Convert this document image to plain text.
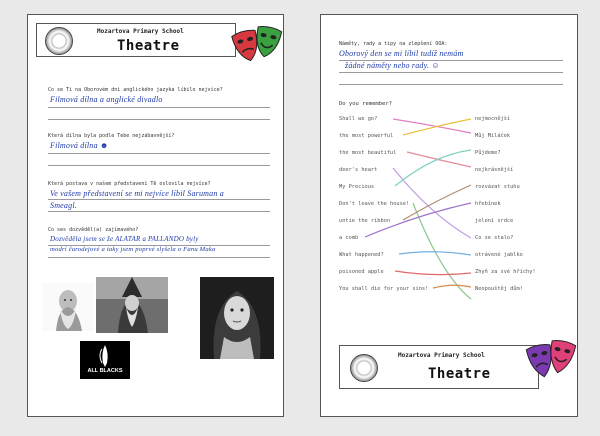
Mozartova Primary School
Theatre
Co se Ti na Oborovém dni anglického jazyka líbilo nejvíce?
Filmová dílna a anglické divadlo
Která dílna byla podle Tebe nejzábavnější?
Filmová dílna ☻
Která postava v našem představení Tě oslovila nejvíce?
Ve vašem představení se mi nejvíce líbil Saruman a
Smeagl.
Co ses dozvěděl(a) zajímavého?
Dozvěděla jsem se že ALATAR a PALLANDO byly
modrí čarodejové a taky jsem poprvé slyšela o Fanu Maka
ALL BLACKS
Náměty, rady a tipy na zlepšení OOA:
Oborový den se mi líbil tudíž nemám
žádné náměty nebo rady. ☺
Do you remember?
Shall we go?
the most powerful
the most beautiful
deer's heart
My Precious
Don't leave the house!
untie the ribbon
a comb
What happened?
poisoned apple
You shall die for your sins!
nejmocnější
Můj Miláček
Půjdeme?
nejkrásnější
rozvázat stuhu
hřebínek
jelení srdce
Co se stalo?
otrávené jablko
Zhyň za své hříchy!
Neopouštěj dům!
Mozartova Primary School
Theatre
